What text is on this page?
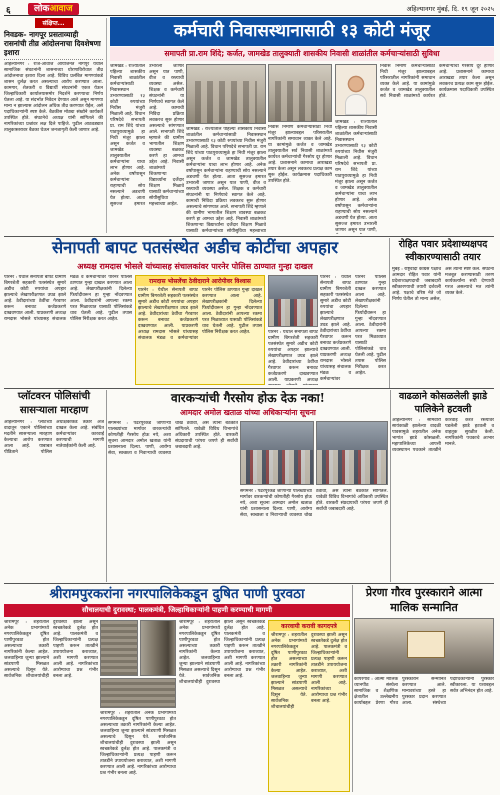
६	लोकआवाज	अहिल्यानगर मुंबई, दि. १९ जून २०२५
संक्षिप्त...
निवडक- नागपूर प्रसताव्याही रासनांची तीव्र आंदोलनाचा दिवशेषणा इशारा
अहिल्यानगर : राज-आवाज आयोजनेत नागपूर येथील सामाजिक संघटनांनी शासनाच्या धोरणाविरोधात तीव्र आंदोलनाचा इशारा दिला आहे. विविध प्रलंबित मागण्यांकडे शासन दुर्लक्ष करत असल्याचा आरोप करण्यात आला. कामगार, शेतकरी व विद्यार्थी संघटनांनी एकत्र येऊन जिल्हाधिकारी कार्यालयासमोर निदर्शने करण्याचा निर्णय घेतला आहे. या संदर्भात निवेदन देण्यात आले असून मागण्या मान्य न झाल्यास आंदोलन अधिक तीव्र करण्यात येईल, असे पदाधिकाऱ्यांनी स्पष्ट केले. बैठकीस मोठ्या संख्येने कार्यकर्ते उपस्थित होते. संघटनेचे अध्यक्ष यांनी सांगितले की नागरिकांच्या प्रश्नांवर लक्ष दिले पाहिजे. पुढील आठवड्यात तालुकास्तरावर बैठका घेऊन जनजागृती केली जाणार आहे.
कर्मचारी निवासस्थानासाठी १३ कोटी मंजूर
समापती प्रा.राम शिंदे; कर्जत, जामखेड तालुक्याती शासकीय निवासी शाळांतील कर्मचाऱ्यांसाठी सुविधा
जामखेड : राज्यातील पहिल्या शासकीय निवासी शाळांतील कर्मचाऱ्यांसाठी निवासस्थान उभारण्यासाठी १३ कोटी रुपयांच्या निधीस मंजुरी मिळाली आहे. विधान परिषदेचे सभापती प्रा. राम शिंदे यांच्या पाठपुराव्यामुळे हा निधी मंजूर झाला असून कर्जत व जामखेड तालुक्यातील कर्मचाऱ्यांना याचा लाभ होणार आहे. अनेक वर्षांपासून कर्मचाऱ्यांना राहण्याची सोय नसल्याने अडचणी येत होत्या. आता सुसज्ज इमारत उभारली जाणार असून यात पाणी, वीज व रस्त्याची व्यवस्था असेल. शिक्षक व कर्मचारी संघटनांनी या निर्णयाचे स्वागत केले आहे. कामाची निविदा प्रक्रिया लवकरच सुरू होणार असल्याचे सांगण्यात आले. सभापती शिंदे म्हणाले की ग्रामीण भागातील शिक्षण व्यवस्था बळकट करणे हा आमचा उद्देश आहे. निवासी शाळांमध्ये शिकणाऱ्या विद्यार्थ्यांना दर्जेदार शिक्षण मिळावे यासाठी कर्मचाऱ्यांच्या सोयीसुविधा महत्त्वाच्या आहेत.
जामखेड : राज्यातील पहिल्या शासकीय निवासी शाळांतील कर्मचाऱ्यांसाठी निवासस्थान उभारण्यासाठी १३ कोटी रुपयांच्या निधीस मंजुरी मिळाली आहे. विधान परिषदेचे सभापती प्रा. राम शिंदे यांच्या पाठपुराव्यामुळे हा निधी मंजूर झाला असून कर्जत व जामखेड तालुक्यातील कर्मचाऱ्यांना याचा लाभ होणार आहे. अनेक वर्षांपासून कर्मचाऱ्यांना राहण्याची सोय नसल्याने अडचणी येत होत्या. आता सुसज्ज इमारत उभारली जाणार असून यात पाणी, वीज व रस्त्याची व्यवस्था असेल. शिक्षक व कर्मचारी संघटनांनी या निर्णयाचे स्वागत केले आहे. कामाची निविदा प्रक्रिया लवकरच सुरू होणार असल्याचे सांगण्यात आले. सभापती शिंदे म्हणाले की ग्रामीण भागातील शिक्षण व्यवस्था बळकट करणे हा आमचा उद्देश आहे. निवासी शाळांमध्ये शिकणाऱ्या विद्यार्थ्यांना दर्जेदार शिक्षण मिळावे यासाठी कर्मचाऱ्यांच्या सोयीसुविधा महत्त्वाच्या
निवास निर्माण कर्मचाऱ्यांसाठी निधी मंजूर झाल्याबद्दल परिसरातील नागरिकांनी समाधान व्यक्त केले आहे. या कामांमुळे कर्जत व जामखेड तालुक्यातील सर्व निवासी शाळांमध्ये कार्यरत कर्मचाऱ्यांची गैरसोय दूर होणार आहे. प्रशासनाने कामाचा आराखडा तयार केला असून लवकरच प्रत्यक्ष काम सुरू होईल. कार्यक्रमास पदाधिकारी उपस्थित होते.
निवास निर्माण कर्मचाऱ्यांसाठी निधी मंजूर झाल्याबद्दल परिसरातील नागरिकांनी समाधान व्यक्त केले आहे. या कामांमुळे कर्जत व जामखेड तालुक्यातील सर्व निवासी शाळांमध्ये कार्यरत कर्मचाऱ्यांची गैरसोय दूर होणार आहे. प्रशासनाने कामाचा आराखडा तयार केला असून लवकरच प्रत्यक्ष काम सुरू होईल. कार्यक्रमास पदाधिकारी उपस्थित होते.
जामखेड : राज्यातील पहिल्या शासकीय निवासी शाळांतील कर्मचाऱ्यांसाठी निवासस्थान उभारण्यासाठी १३ कोटी रुपयांच्या निधीस मंजुरी मिळाली आहे. विधान परिषदेचे सभापती प्रा. राम शिंदे यांच्या पाठपुराव्यामुळे हा निधी मंजूर झाला असून कर्जत व जामखेड तालुक्यातील कर्मचाऱ्यांना याचा लाभ होणार आहे. अनेक वर्षांपासून कर्मचाऱ्यांना राहण्याची सोय नसल्याने अडचणी येत होत्या. आता सुसज्ज इमारत उभारली जाणार असून यात पाणी,
सेनापती बापट पतसंस्थेत अडीच कोटींचा अपहार
अध्यक्ष रामदास भोसले यांच्यासह संचालकांवर पारनेर पोलिस ठाण्यात गुन्हा दाखल
पारनेर : येथील सेनापती बापट ग्रामीण बिगरशेती सहकारी पतसंस्थेत सुमारे अडीच कोटी रुपयांचा अपहार झाल्याचे लेखापरीक्षणात उघड झाले आहे. ठेवीदारांच्या ठेवींचा गैरवापर करून बनावट कर्जप्रकरणे दाखवण्यात आली. याप्रकरणी अध्यक्ष रामदास भोसले यांच्यासह संचालक मंडळ व कर्मचाऱ्यांवर पारनेर पोलिस ठाण्यात गुन्हा दाखल करण्यात आला आहे. लेखापरीक्षकांनी दिलेल्या फिर्यादीवरून हा गुन्हा नोंदवण्यात आला. ठेवीदारांनी आपल्या रकमा परत मिळाव्यात यासाठी पोलिसांकडे धाव घेतली आहे. पुढील तपास पोलिस निरीक्षक करत आहेत.
रामदास भोसलेंचा ठेवीदाराने आरोपीवर विश्वास
पारनेर : येथील सेनापती बापट ग्रामीण बिगरशेती सहकारी पतसंस्थेत सुमारे अडीच कोटी रुपयांचा अपहार झाल्याचे लेखापरीक्षणात उघड झाले आहे. ठेवीदारांच्या ठेवींचा गैरवापर करून बनावट कर्जप्रकरणे दाखवण्यात आली. याप्रकरणी अध्यक्ष रामदास भोसले यांच्यासह संचालक मंडळ व कर्मचाऱ्यांवर पारनेर पोलिस ठाण्यात गुन्हा दाखल करण्यात आला आहे. लेखापरीक्षकांनी दिलेल्या फिर्यादीवरून हा गुन्हा नोंदवण्यात आला. ठेवीदारांनी आपल्या रकमा परत मिळाव्यात यासाठी पोलिसांकडे धाव घेतली आहे. पुढील तपास पोलिस निरीक्षक करत आहेत.	पारनेर : येथील सेनापती बापट ग्रामीण बिगरशेती सहकारी पतसंस्थेत सुमारे अडीच कोटी रुपयांचा अपहार झाल्याचे लेखापरीक्षणात उघड झाले आहे. ठेवीदारांच्या ठेवींचा गैरवापर करून बनावट कर्जप्रकरणे दाखवण्यात आली. याप्रकरणी अध्यक्ष
पारनेर : येथील सेनापती बापट ग्रामीण बिगरशेती सहकारी पतसंस्थेत सुमारे अडीच कोटी रुपयांचा अपहार झाल्याचे लेखापरीक्षणात उघड झाले आहे. ठेवीदारांच्या ठेवींचा गैरवापर करून बनावट कर्जप्रकरणे दाखवण्यात आली. याप्रकरणी अध्यक्ष रामदास भोसले यांच्यासह संचालक मंडळ व कर्मचाऱ्यांवर पारनेर पोलिस ठाण्यात गुन्हा दाखल करण्यात आला आहे. लेखापरीक्षकांनी दिलेल्या फिर्यादीवरून हा गुन्हा नोंदवण्यात आला. ठेवीदारांनी आपल्या रकमा परत मिळाव्यात यासाठी पोलिसांकडे धाव घेतली आहे. पुढील तपास पोलिस निरीक्षक करत आहेत.
रोहित पवार प्रदेशाध्यक्षपद स्वीकारण्यासाठी तयार
मुंबई : राष्ट्रवादी काँग्रेस पक्षाचे आमदार रोहित पवार यांनी प्रदेशाध्यक्षपदाची जबाबदारी स्वीकारण्याची तयारी दर्शवली आहे. पक्षाचे वरिष्ठ नेते जो निर्णय घेतील तो मान्य असेल, असे त्यांनी स्पष्ट केले. संघटना मजबूत करण्यासाठी तरुण कार्यकर्त्यांना संधी देण्याची गरज असल्याचे मत त्यांनी व्यक्त केले.
प्लॉटवरन पोलिसांची सासऱ्याला मारहाण
अहिल्यानगर : प्लॉटच्या वादातून एकाने पोलिसांच्या मदतीने सासऱ्याला मारहाण केल्याचा आरोप करण्यात आला आहे. याबाबत पीडिताने पोलिस अधीक्षकांकडे तक्रार अर्ज दाखल केला आहे. संबंधित कर्मचाऱ्यांवर कारवाई करण्याची मागणी नातेवाईकांनी केली आहे.
वारकऱ्यांची गैरसोय होऊ देऊ नका!
आमदार अमोल खताळ यांच्या अधिकाऱ्यांना सूचना
संगमनेर : पंढरपूरकडे जाणाऱ्या पालख्यांच्या मार्गावर वारकऱ्यांची कोणतीही गैरसोय होऊ नये, अशा सूचना आमदार अमोल खताळ यांनी प्रशासनाला दिल्या. पाणी, आरोग्य सेवा, स्वच्छता व निवाऱ्याची व्यवस्था चोख ठेवावी, असे त्यांनी बैठकीत सांगितले. यावेळी विविध विभागांचे अधिकारी उपस्थित होते. वारकरी संप्रदायाची परंपरा जपणे ही सर्वांची जबाबदारी आहे.
संगमनेर : पंढरपूरकडे जाणाऱ्या पालख्यांच्या मार्गावर वारकऱ्यांची कोणतीही गैरसोय होऊ नये, अशा सूचना आमदार अमोल खताळ यांनी प्रशासनाला दिल्या. पाणी, आरोग्य सेवा, स्वच्छता व निवाऱ्याची व्यवस्था चोख ठेवावी, असे त्यांनी बैठकीत सांगितले. यावेळी विविध विभागांचे अधिकारी उपस्थित होते. वारकरी संप्रदायाची परंपरा जपणे ही सर्वांची जबाबदारी आहे.
वाढळाने कोसळलेली झाडे पालिकेने हटवली
अहिल्यानगर : सोमवारी सायंकाळी झालेल्या वादळी पावसामुळे शहरातील अनेक भागांत झाडे कोसळली. महापालिकेच्या आपत्ती व्यवस्थापन पथकाने तातडीने कारवाई करत रस्त्यावर पडलेली झाडे हटवली व वाहतूक सुरळीत केली. नागरिकांनी पथकाचे आभार मानले.
श्रीरामपुरकरांना नगरपालिकेकडून दुषित पाणी पुरवठा
सौचालयाची दुरावस्था; पालकमंत्री, जिल्हाधिकाऱ्यांनी पाहणी करण्याची मागणी
श्रीरामपूर : शहरातील अनेक प्रभागांमध्ये नगरपालिकेकडून दूषित पाणीपुरवठा होत असल्याच्या तक्रारी नागरिकांनी केल्या आहेत. जलवाहिन्या जुन्या झाल्याने सांडपाणी मिसळत असल्याचे दिसून येते. सार्वजनिक शौचालयांचीही दुरावस्था झाली असून स्वच्छतेकडे दुर्लक्ष होत आहे. पालकमंत्री व जिल्हाधिकाऱ्यांनी प्रत्यक्ष पाहणी करून तातडीने उपाययोजना कराव्यात, अशी मागणी करण्यात आली आहे. नागरिकांच्या आरोग्याचा प्रश्न गंभीर बनला आहे.
श्रीरामपूर : शहरातील अनेक प्रभागांमध्ये नगरपालिकेकडून दूषित पाणीपुरवठा होत असल्याच्या तक्रारी नागरिकांनी केल्या आहेत. जलवाहिन्या जुन्या झाल्याने सांडपाणी मिसळत असल्याचे दिसून येते. सार्वजनिक शौचालयांचीही दुरावस्था झाली असून स्वच्छतेकडे दुर्लक्ष होत आहे. पालकमंत्री व जिल्हाधिकाऱ्यांनी प्रत्यक्ष पाहणी करून तातडीने उपाययोजना कराव्यात, अशी मागणी करण्यात आली आहे. नागरिकांच्या आरोग्याचा प्रश्न गंभीर बनला आहे.
श्रीरामपूर : शहरातील अनेक प्रभागांमध्ये नगरपालिकेकडून दूषित पाणीपुरवठा होत असल्याच्या तक्रारी नागरिकांनी केल्या आहेत. जलवाहिन्या जुन्या झाल्याने सांडपाणी मिसळत असल्याचे दिसून येते. सार्वजनिक शौचालयांचीही दुरावस्था झाली असून स्वच्छतेकडे दुर्लक्ष होत आहे. पालकमंत्री व जिल्हाधिकाऱ्यांनी प्रत्यक्ष पाहणी करून तातडीने उपाययोजना कराव्यात, अशी मागणी करण्यात आली आहे. नागरिकांच्या आरोग्याचा प्रश्न गंभीर बनला आहे.
कारवायी करावी कागदपत्रे
श्रीरामपूर : शहरातील अनेक प्रभागांमध्ये नगरपालिकेकडून दूषित पाणीपुरवठा होत असल्याच्या तक्रारी नागरिकांनी केल्या आहेत. जलवाहिन्या जुन्या झाल्याने सांडपाणी मिसळत असल्याचे दिसून येते. सार्वजनिक शौचालयांचीही दुरावस्था झाली असून स्वच्छतेकडे दुर्लक्ष होत आहे. पालकमंत्री व जिल्हाधिकाऱ्यांनी प्रत्यक्ष पाहणी करून तातडीने उपाययोजना कराव्यात, अशी मागणी करण्यात आली आहे. नागरिकांच्या आरोग्याचा प्रश्न गंभीर बनला आहे.
प्रेरणा गौरव पुरस्काराने आत्मा मालिक सन्मानित
कोपरगाव : आत्मा मालिक ध्यानपीठ संस्थेला सामाजिक व शैक्षणिक क्षेत्रातील उल्लेखनीय कार्याबद्दल प्रेरणा गौरव पुरस्काराने सन्मानित करण्यात आले. मान्यवरांच्या हस्ते हा पुरस्कार प्रदान करण्यात आला. संस्थेच्या पदाधिकाऱ्यांनी पुरस्कार स्वीकारला. या यशाबद्दल सर्वत्र अभिनंदन होत आहे.
